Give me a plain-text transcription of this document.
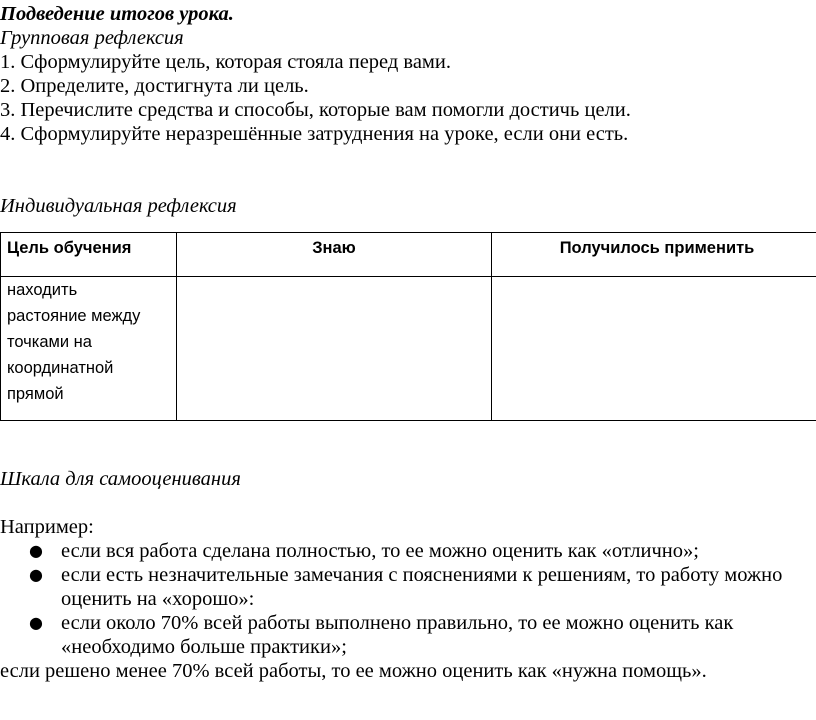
Подведение итогов урока.

Групповая рефлексия

1. Сформулируйте цель, которая стояла перед вами.

2. Определите, достигнута ли цель.

3. Перечислите средства и способы, которые вам помогли достичь цели.

4. Сформулируйте неразрешённые затруднения на уроке, если они есть.

Индивидуальная рефлексия

Цель обучения	Знаю	Получилось применить

находить
растояние между
точками на
координатной
прямой		

Шкала для самооценивания

Например:

● если вся работа сделана полностью, то ее можно оценить как «отлично»;
● если есть незначительные замечания с пояснениями к решениям, то работу можно
оценить на «хорошо»:
● если около 70% всей работы выполнено правильно, то ее можно оценить как
«необходимо больше практики»;

если решено менее 70% всей работы, то ее можно оценить как «нужна помощь».
